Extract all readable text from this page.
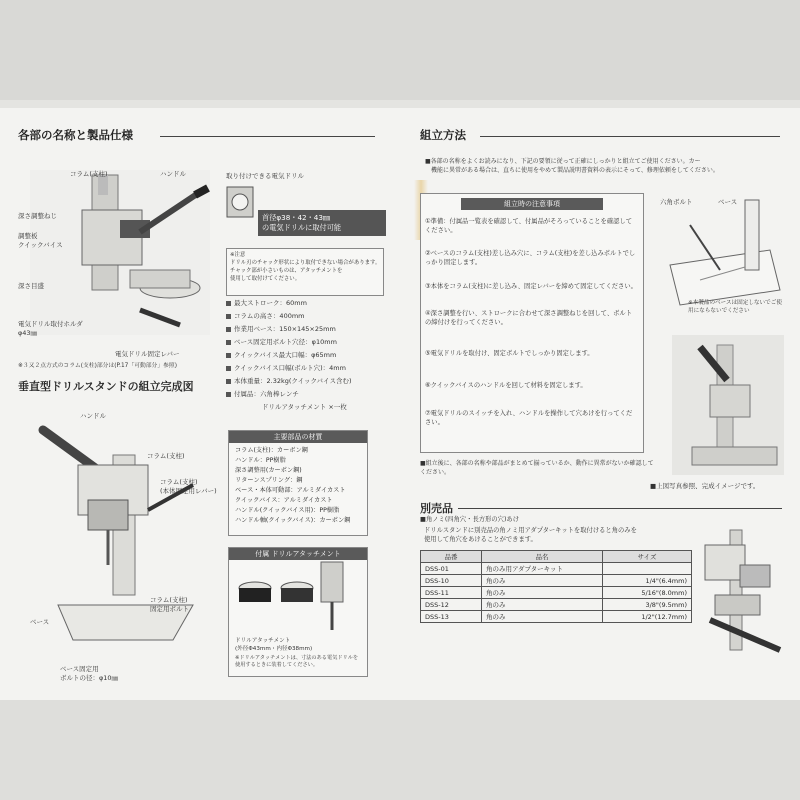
各部の名称と製品仕様
コラム(支柱)	ハンドル
深さ調整ねじ
調整板
クイックバイス
深さ目盛
電気ドリル取付ホルダ
φ43㎜
電気ドリル固定レバー
※３又２点方式のコラム(支柱)部分は(P.17「可動部分」参照)
垂直型ドリルスタンドの組立完成図
ハンドル
コラム(支柱)
コラム(支柱)
(本体固定用レバー)
コラム(支柱)
固定用ボルト
ベース
ベース固定用
ボルトの径：φ10㎜
取り付けできる電気ドリル
首径φ38・42・43㎜
の電気ドリルに取付可能
※注意
ドリル刃のチャック形状により取付できない場合があります。
チャック部が小さいものは、アタッチメントを
使用して取付けてください。
最大ストローク：60mm
コラムの高さ：400mm
作業用ベース：150×145×25mm
ベース固定用ボルト穴径：φ10mm
クイックバイス最大口幅：φ65mm
クイックバイス口幅(ボルト穴)：4mm
本体重量：2.32kg(クイックバイス含む)
付属品：六角棒レンチ
ドリルアタッチメント ×一枚
主要部品の材質
コラム(支柱)：カーボン鋼
ハンドル：PP樹脂
深さ調整用(カーボン鋼)
リターンスプリング：鋼
ベース・本体可動部：アルミダイカスト
クイックバイス：アルミダイカスト
ハンドル(クイックバイス用)：PP樹脂
ハンドル軸(クイックバイス)：カーボン鋼
付属 ドリルアタッチメント
ドリルアタッチメント
(外径Φ43mm・内径Φ38mm)
※ドリルアタッチメントは、寸法のある電気ドリルを
使用するときに装着してください。
組立方法
■各部の名称をよくお読みになり、下記の要領に従って正確にしっかりと組立てご使用ください。カー
　機能に異常がある場合は、直ちに使用をやめて製品説明書資料の表示にそって、修理依頼をしてください。
組立時の注意事項
①準備：付属品一覧表を確認して、付属品がそろっていることを確認してください。
②ベースのコラム(支柱)差し込み穴に、コラム(支柱)を差し込みボルトでしっかり固定します。
③本体をコラム(支柱)に差し込み、固定レバーを締めて固定してください。
④深さ調整を行い、ストロークに合わせて深さ調整ねじを回して、ボルトの締付けを行ってください。
⑤電気ドリルを取付け、固定ボルトでしっかり固定します。
⑥クイックバイスのハンドルを回して材料を固定します。
⑦電気ドリルのスイッチを入れ、ハンドルを操作して穴あけを行ってください。
六角ボルト	ベース
※本製品のベースは固定しないでご使用にならないでください
■上図写真参照、完成イメージです。
■組立後に、各部の名称や部品がまとめて揃っているか、動作に異常がないか確認してください。
別売品
■角ノミ(四角穴・長方形の穴)あけ
ドリルスタンドに別売品の角ノミ用アダプターキットを取付けると角のみを
使用して角穴をあけることができます。
品番	品名	サイズ
DSS-01	角のみ用アダプターキット	
DSS-10	角のみ	1/4"(6.4mm)
DSS-11	角のみ	5/16"(8.0mm)
DSS-12	角のみ	3/8"(9.5mm)
DSS-13	角のみ	1/2"(12.7mm)
